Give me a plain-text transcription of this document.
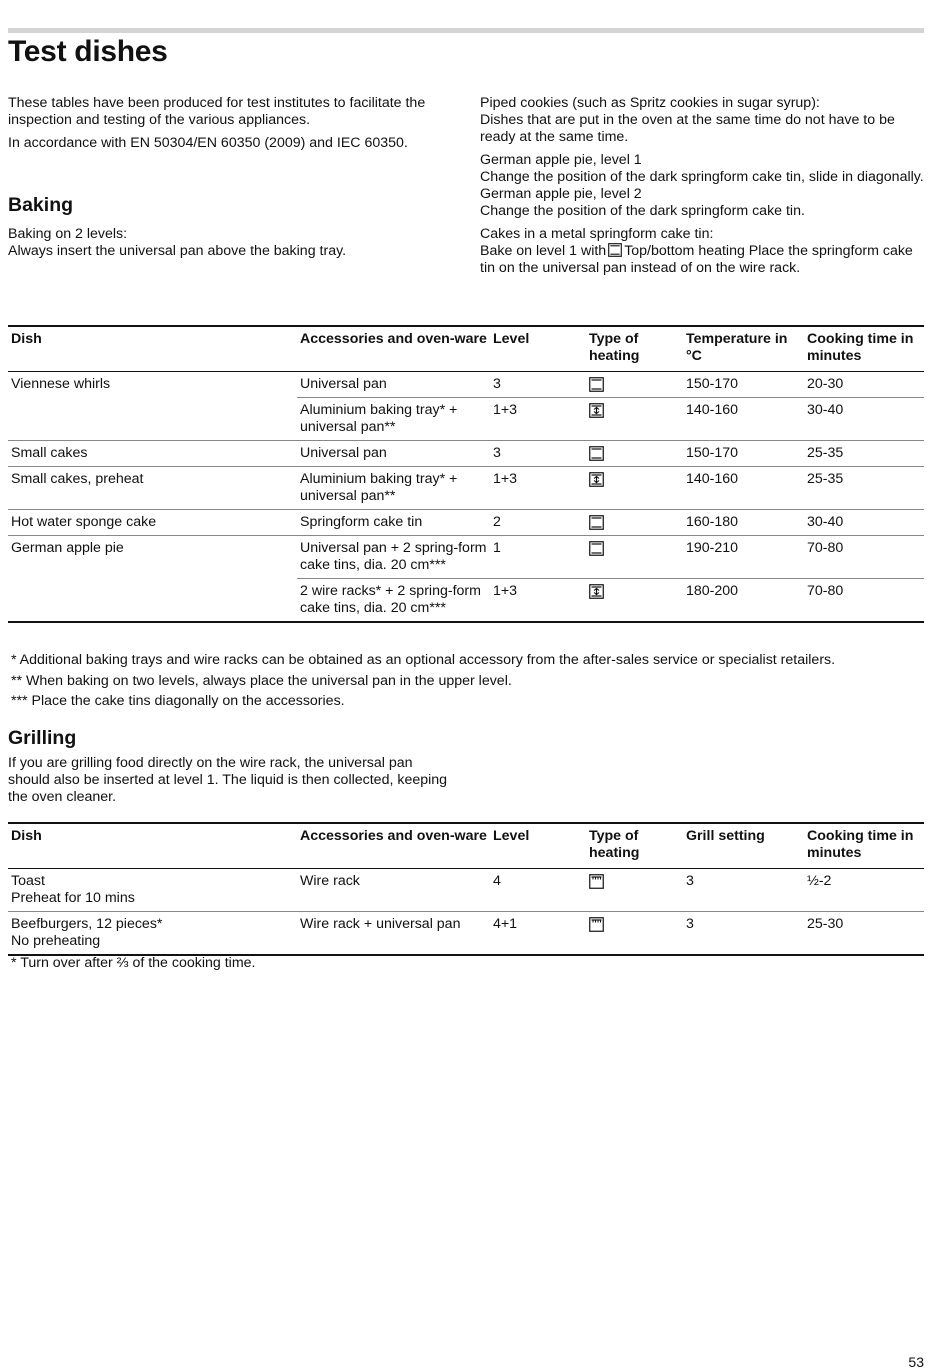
Test dishes

These tables have been produced for test institutes to facilitate the inspection and testing of the various appliances.

In accordance with EN 50304/EN 60350 (2009) and IEC 60350.

Piped cookies (such as Spritz cookies in sugar syrup):
Dishes that are put in the oven at the same time do not have to be ready at the same time.

German apple pie, level 1
Change the position of the dark springform cake tin, slide in diagonally.
German apple pie, level 2
Change the position of the dark springform cake tin.

Cakes in a metal springform cake tin:
Bake on level 1 with Top/bottom heating Place the springform cake tin on the universal pan instead of on the wire rack.

Baking
Baking on 2 levels:
Always insert the universal pan above the baking tray.
Dish	Accessories and oven-ware	Level	Type of heating	Temperature in °C	Cooking time in minutes
Viennese whirls	Universal pan	3		150-170	20-30
	Aluminium baking tray* + universal pan**	1+3		140-160	30-40
Small cakes	Universal pan	3		150-170	25-35
Small cakes, preheat	Aluminium baking tray* + universal pan**	1+3		140-160	25-35
Hot water sponge cake	Springform cake tin	2		160-180	30-40
German apple pie	Universal pan + 2 spring-form cake tins, dia. 20 cm***	1		190-210	70-80
	2 wire racks* + 2 spring-form cake tins, dia. 20 cm***	1+3		180-200	70-80

* Additional baking trays and wire racks can be obtained as an optional accessory from the after-sales service or specialist retailers.

** When baking on two levels, always place the universal pan in the upper level.

*** Place the cake tins diagonally on the accessories.

Grilling
If you are grilling food directly on the wire rack, the universal pan should also be inserted at level 1. The liquid is then collected, keeping the oven cleaner.
Dish	Accessories and oven-ware	Level	Type of heating	Grill setting	Cooking time in minutes
Toast
Preheat for 10 mins	Wire rack	4		3	½-2
Beefburgers, 12 pieces*
No preheating	Wire rack + universal pan	4+1		3	25-30

* Turn over after ⅔ of the cooking time.

53
